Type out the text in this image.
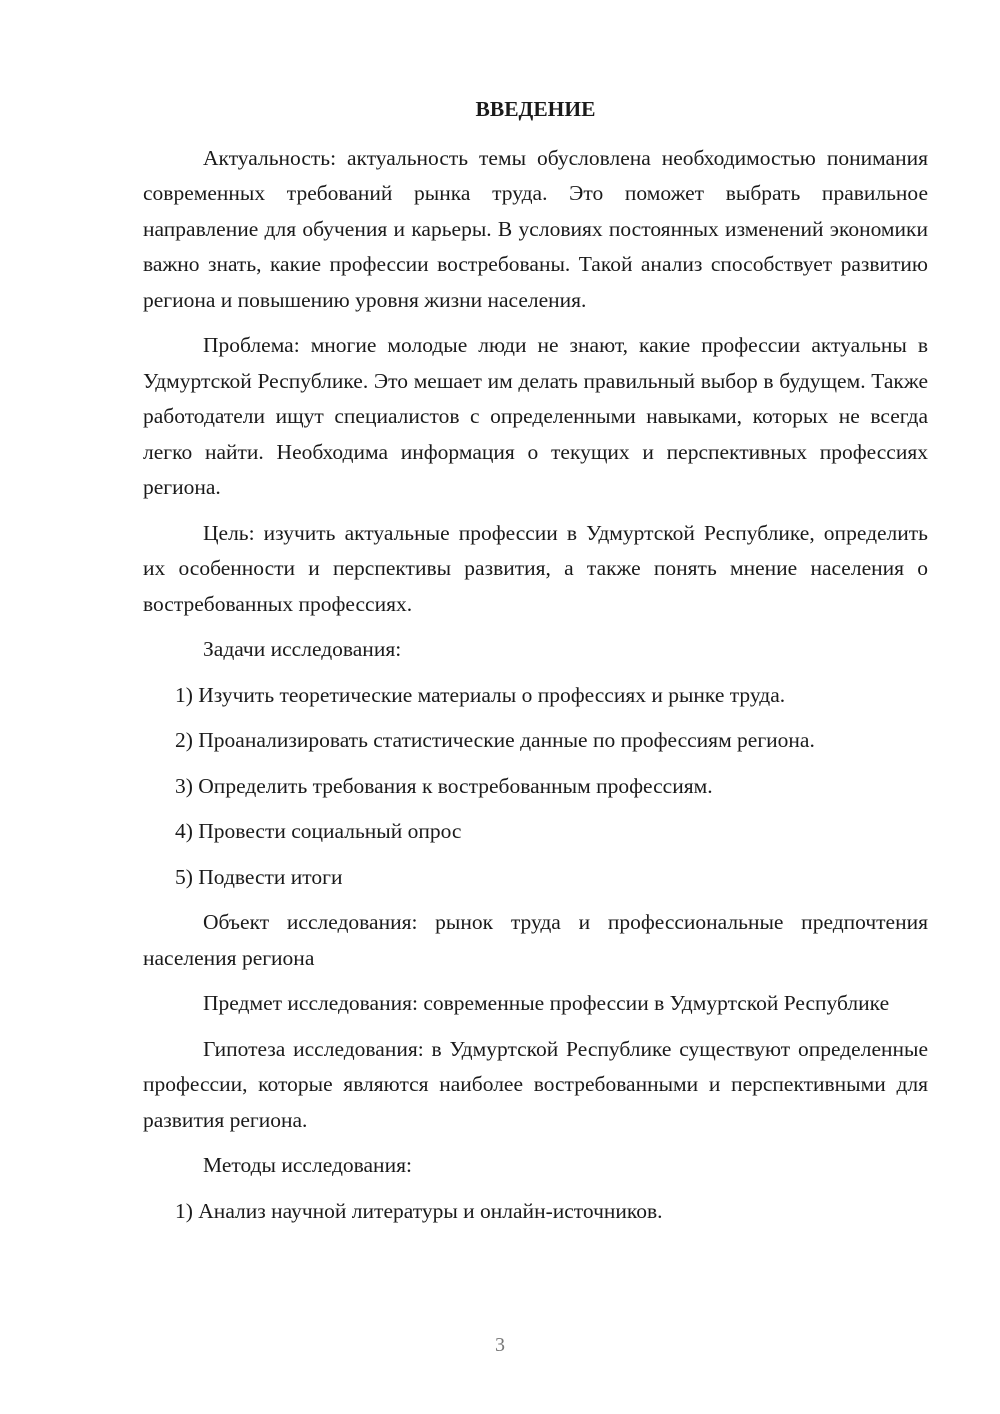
ВВЕДЕНИЕ

Актуальность: актуальность темы обусловлена необходимостью понимания современных требований рынка труда. Это поможет выбрать правильное направление для обучения и карьеры. В условиях постоянных изменений экономики важно знать, какие профессии востребованы. Такой анализ способствует развитию региона и повышению уровня жизни населения.

Проблема: многие молодые люди не знают, какие профессии актуальны в Удмуртской Республике. Это мешает им делать правильный выбор в будущем. Также работодатели ищут специалистов с определенными навыками, которых не всегда легко найти. Необходима информация о текущих и перспективных профессиях региона.

Цель: изучить актуальные профессии в Удмуртской Республике, определить их особенности и перспективы развития, а также понять мнение населения о востребованных профессиях.

Задачи исследования:

1) Изучить теоретические материалы о профессиях и рынке труда.
2) Проанализировать статистические данные по профессиям региона.
3) Определить требования к востребованным профессиям.
4) Провести социальный опрос
5) Подвести итоги

Объект исследования: рынок труда и профессиональные предпочтения населения региона

Предмет исследования: современные профессии в Удмуртской Республике

Гипотеза исследования: в Удмуртской Республике существуют определенные профессии, которые являются наиболее востребованными и перспективными для развития региона.

Методы исследования:

1) Анализ научной литературы и онлайн-источников.
3
